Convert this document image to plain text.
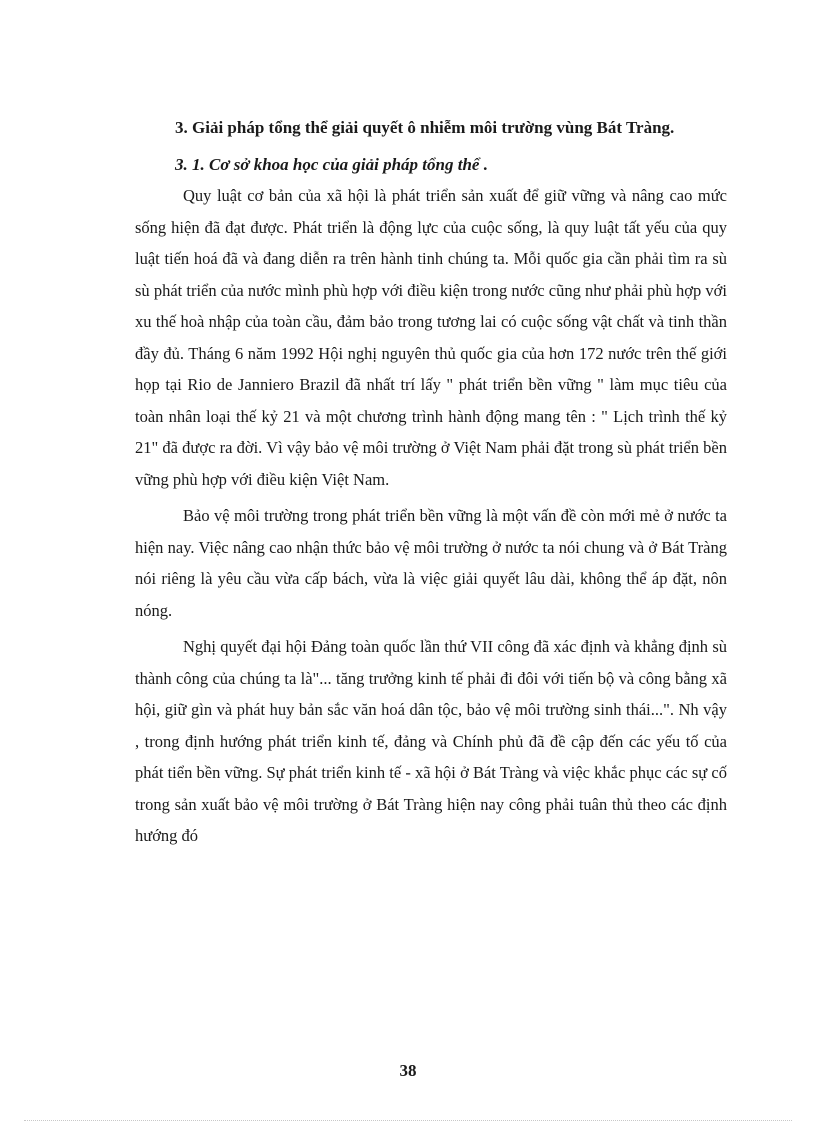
3. Giải pháp tổng thể giải quyết ô nhiễm môi trường vùng Bát Tràng.

3. 1. Cơ sở khoa học của giải pháp tổng thể .

Quy luật cơ bản của xã hội là phát triển sản xuất để giữ vững và nâng cao mức sống hiện đã đạt được. Phát triển là động lực của cuộc sống, là quy luật tất yếu của quy luật tiến hoá đã và đang diễn ra trên hành tinh chúng ta. Mỗi quốc gia cần phải tìm ra sù sù phát triển của nước mình phù hợp với điều kiện trong nước cũng như phải phù hợp với xu thế hoà nhập của toàn cầu, đảm bảo trong tương lai có cuộc sống vật chất và tinh thần đầy đủ. Tháng 6 năm 1992 Hội nghị nguyên thủ quốc gia của hơn 172 nước trên thế giới họp tại Rio de Janniero Brazil đã nhất trí lấy " phát triển bền vững " làm mục tiêu của toàn nhân loại thế kỷ 21 và một chương trình hành động mang tên : " Lịch trình thế kỷ 21" đã được ra đời. Vì vậy bảo vệ môi trường ở Việt Nam phải đặt trong sù phát triển bền vững phù hợp với điều kiện Việt Nam.

Bảo vệ môi trường trong phát triển bền vững là một vấn đề còn mới mẻ ở nước ta hiện nay. Việc nâng cao nhận thức bảo vệ môi trường ở nước ta nói chung và ở Bát Tràng nói riêng là yêu cầu vừa cấp bách, vừa là việc giải quyết lâu dài, không thể áp đặt, nôn nóng.

Nghị quyết đại hội Đảng toàn quốc lần thứ VII công đã xác định và khẳng định sù thành công của chúng ta là"... tăng trưởng kinh tế phải đi đôi với tiến bộ và công bằng xã hội, giữ gìn và phát huy bản sắc văn hoá dân tộc, bảo vệ môi trường sinh thái...". Nh vậy , trong định hướng phát triển kinh tế, đảng và Chính phủ đã đề cập đến các yếu tố của phát tiển bền vững. Sự phát triển kinh tế - xã hội ở Bát Tràng và việc khắc phục các sự cố trong sản xuất bảo vệ môi trường ở Bát Tràng hiện nay công phải tuân thủ theo các định hướng đó

38
